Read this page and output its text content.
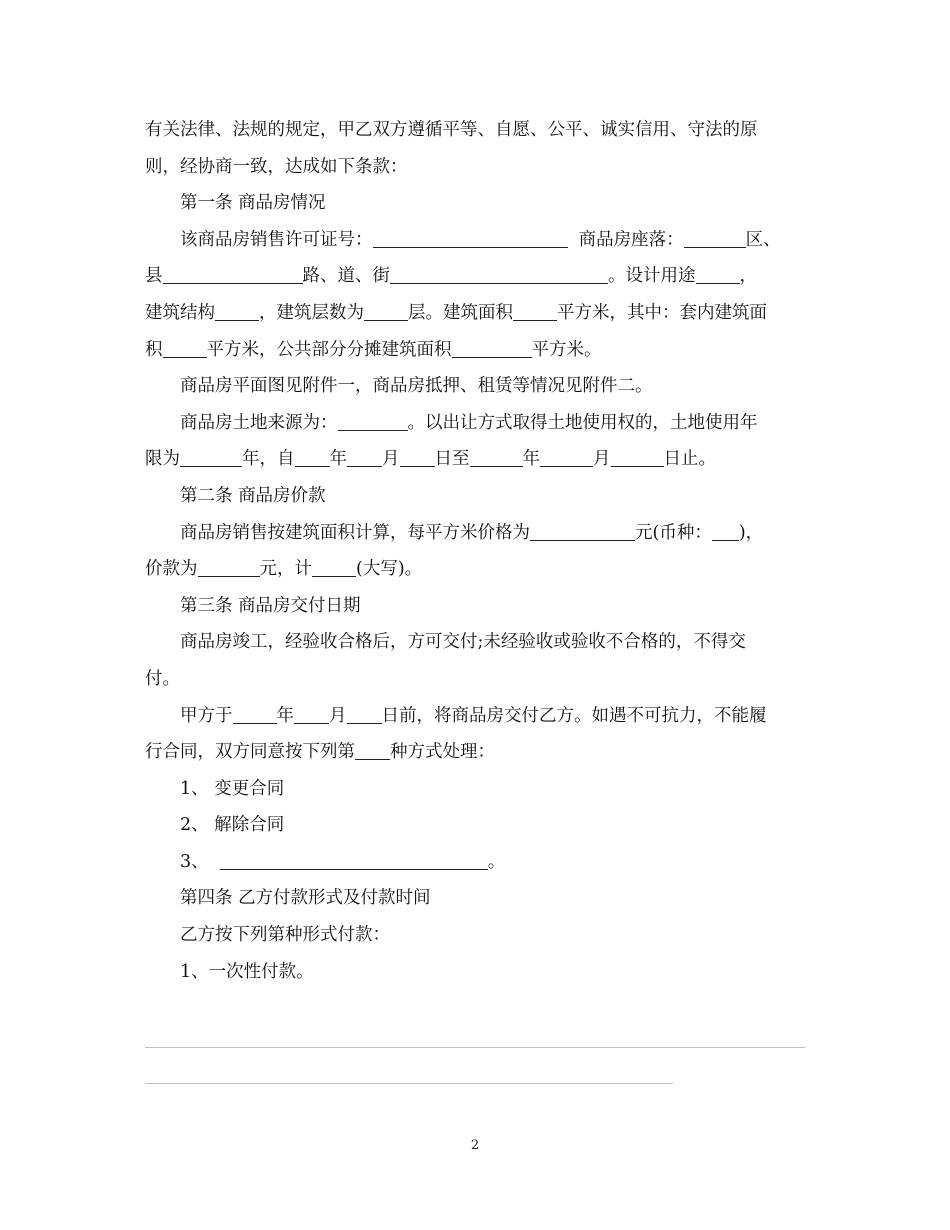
有关法律、法规的规定，甲乙双方遵循平等、自愿、公平、诚实信用、守法的原

则，经协商一致，达成如下条款：

第一条 商品房情况

该商品房销售许可证号：	商品房座落：	区、

县	路、道、街	。设计用途	，
建筑结构	，建筑层数为	层。建筑面积	平方米，其中：套内建筑面

积	平方米，公共部分分摊建筑面积	平方米。

商品房平面图见附件一，商品房抵押、租赁等情况见附件二。

商品房土地来源为：	。以出让方式取得土地使用权的，土地使用年

限为	年，自 年 月 日至	年	月	日止。

第二条 商品房价款

商品房销售按建筑面积计算，每平方米价格为	元(币种： )，

价款为	元，计	(大写)。

第三条 商品房交付日期

商品房竣工，经验收合格后，方可交付;未经验收或验收不合格的，不得交

付。

甲方于	年 月 日前，将商品房交付乙方。如遇不可抗力，不能履

行合同，双方同意按下列第 种方式处理：

1、 变更合同

2、 解除合同

3、	。

第四条 乙方付款形式及付款时间

乙方按下列第种形式付款：

1、一次性付款。

2
